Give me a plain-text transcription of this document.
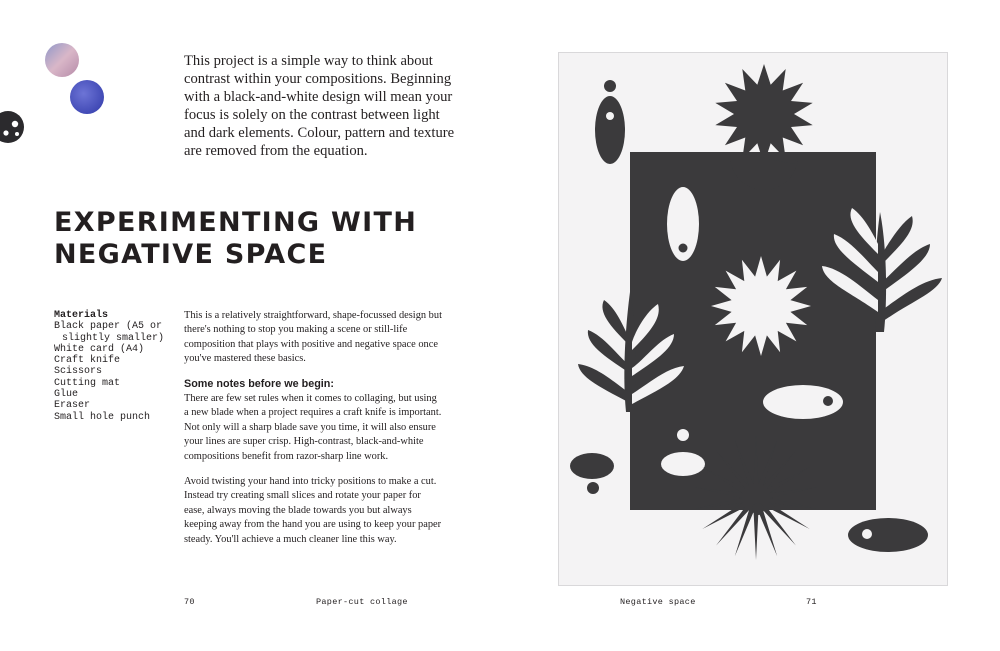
This project is a simple way to think about contrast within your compositions. Beginning with a black-and-white design will mean your focus is solely on the contrast between light and dark elements. Colour, pattern and texture are removed from the equation.

EXPERIMENTING WITH
NEGATIVE SPACE
Materials
Black paper (A5 or slightly smaller)
White card (A4)
Craft knife
Scissors
Cutting mat
Glue
Eraser
Small hole punch

This is a relatively straightforward, shape-focussed design but there's nothing to stop you making a scene or still-life composition that plays with positive and negative space once you've mastered these basics.

Some notes before we begin:

There are few set rules when it comes to collaging, but using a new blade when a project requires a craft knife is important. Not only will a sharp blade save you time, it will also ensure your lines are super crisp. High-contrast, black-and-white compositions benefit from razor-sharp line work.

Avoid twisting your hand into tricky positions to make a cut. Instead try creating small slices and rotate your paper for ease, always moving the blade towards you but always keeping away from the hand you are using to keep your paper steady. You'll achieve a much cleaner line this way.

70	Paper-cut collage	Negative space	71
